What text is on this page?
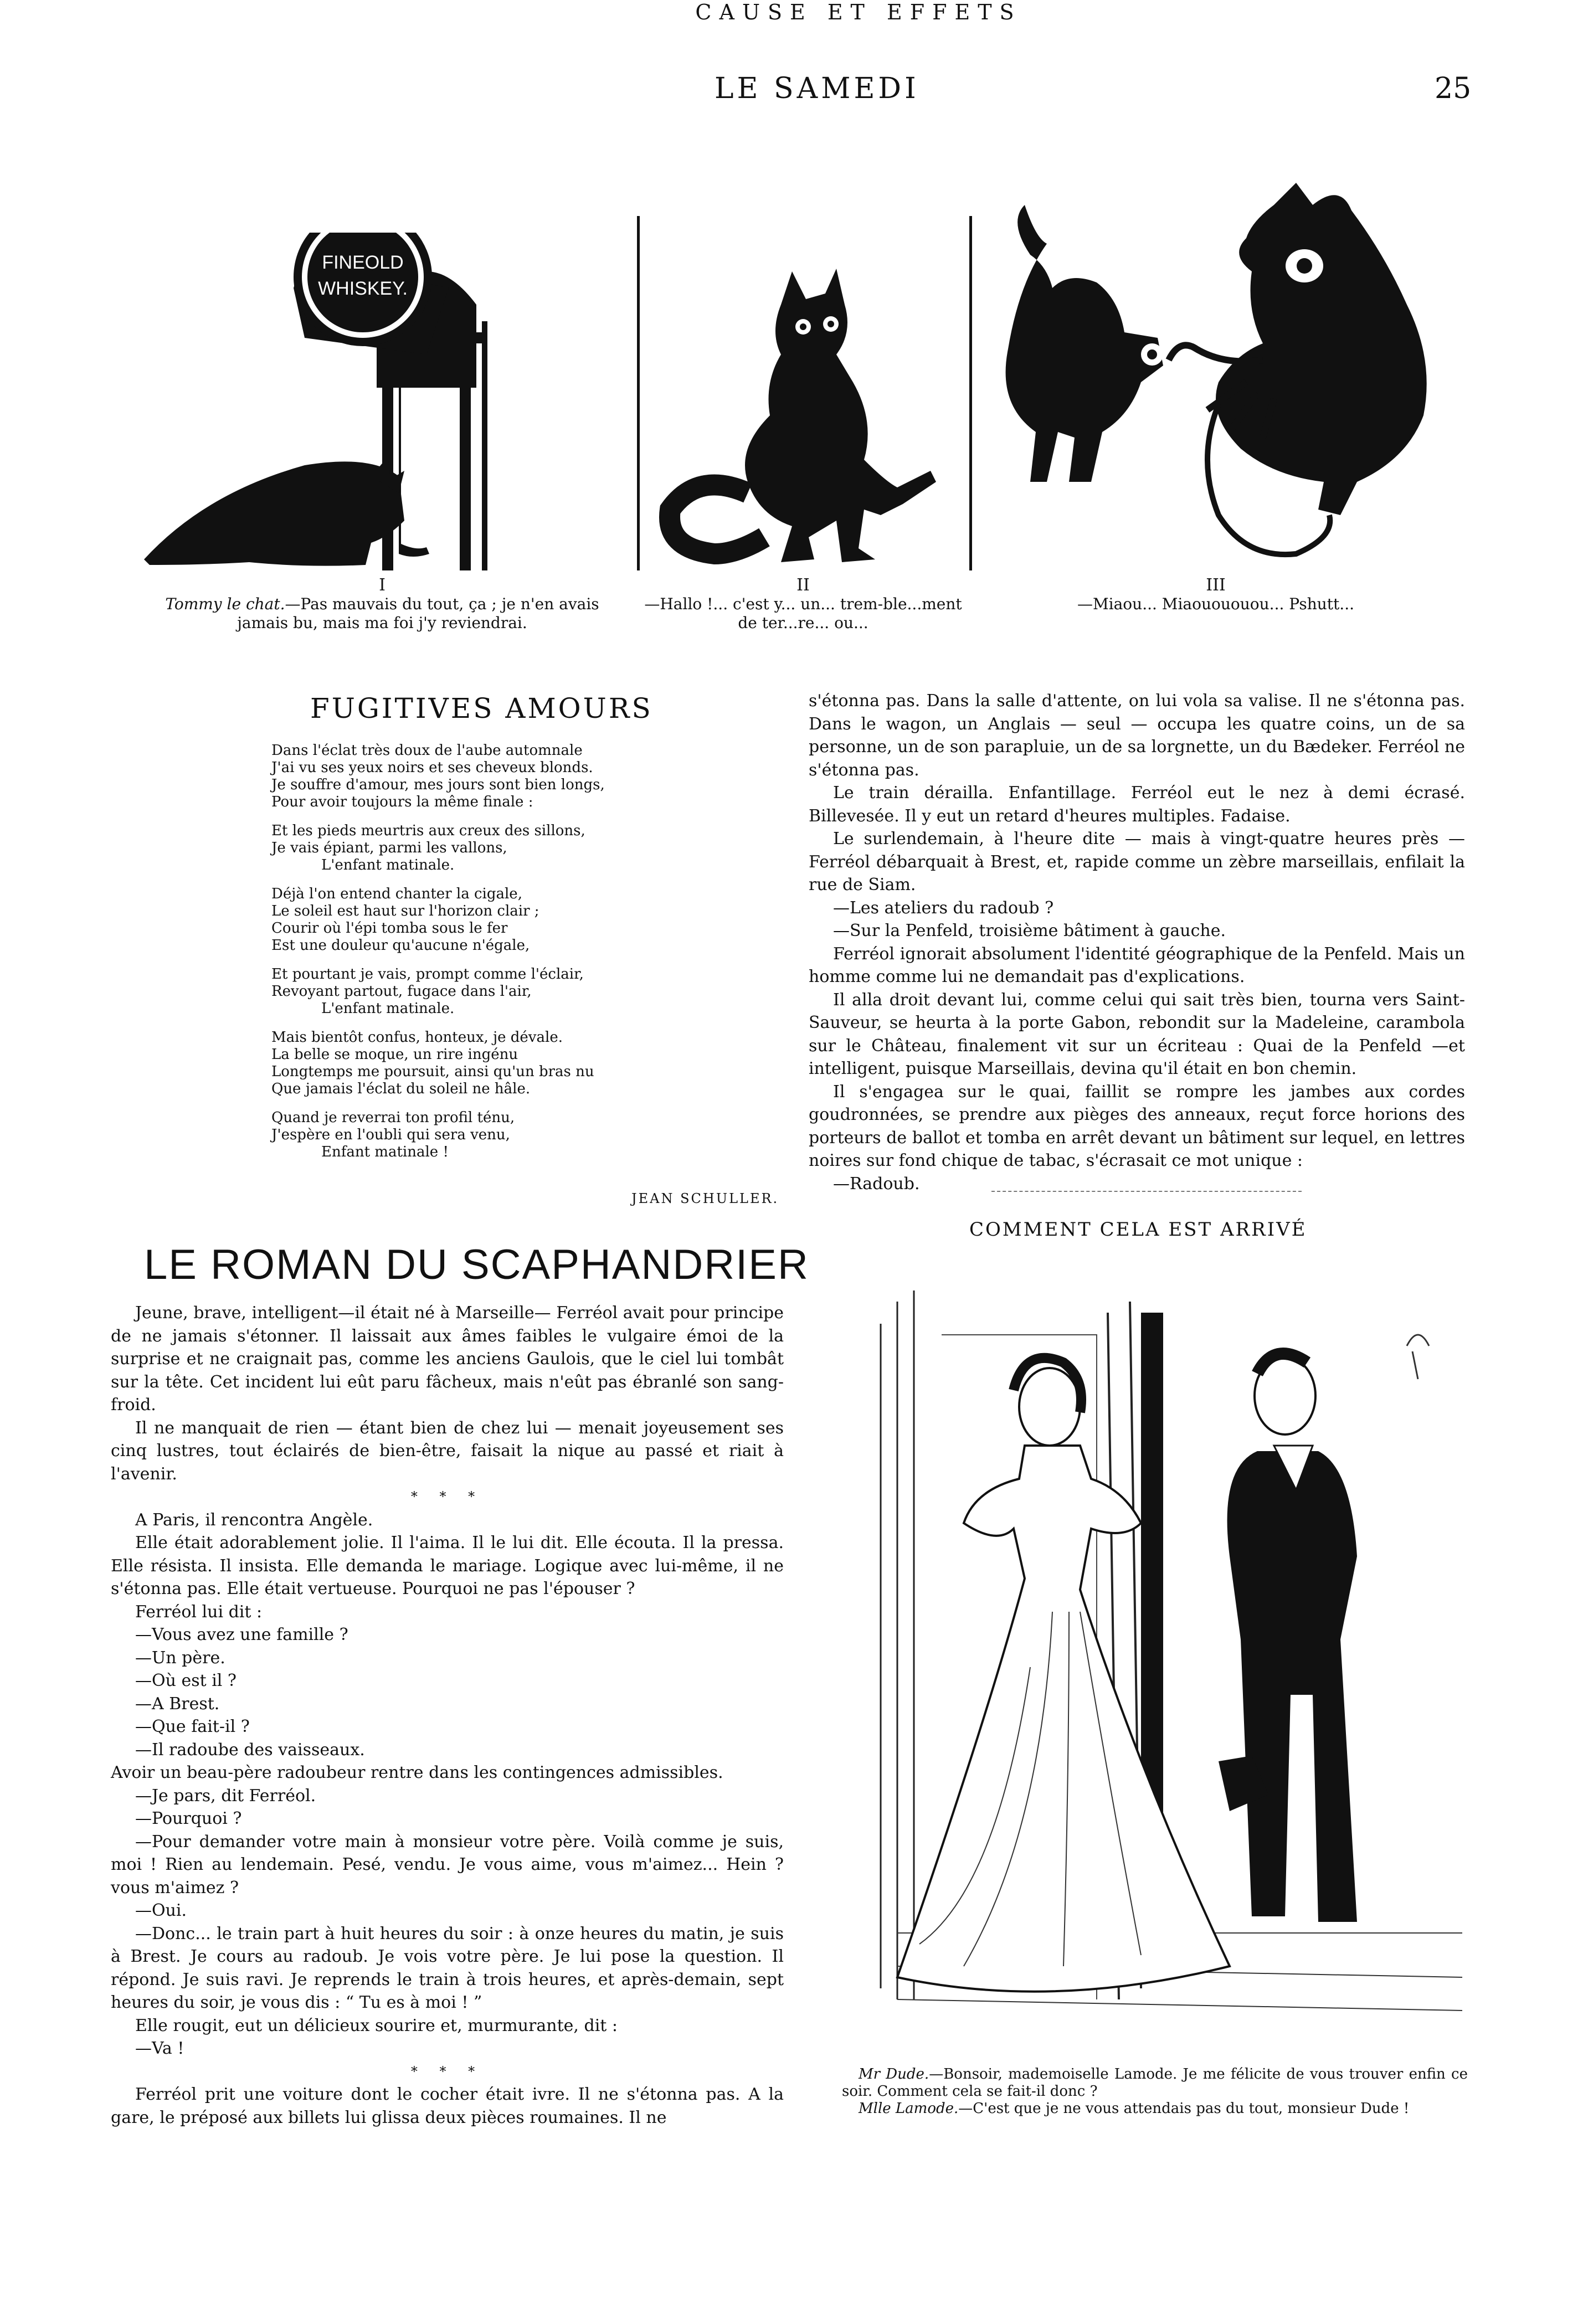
LE SAMEDI	25
CAUSE ET EFFETS
FINEOLD
WHISKEY.
I
Tommy le chat.—Pas mauvais du tout, ça ; je n'en avais jamais bu, mais ma foi j'y reviendrai.
II
—Hallo !... c'est y... un... trem-ble...ment de ter...re... ou...
III
—Miaou... Miaouououou... Pshutt...
FUGITIVES AMOURS
Dans l'éclat très doux de l'aube automnale
J'ai vu ses yeux noirs et ses cheveux blonds.
Je souffre d'amour, mes jours sont bien longs,
Pour avoir toujours la même finale :
Et les pieds meurtris aux creux des sillons,
Je vais épiant, parmi les vallons,
L'enfant matinale.
Déjà l'on entend chanter la cigale,
Le soleil est haut sur l'horizon clair ;
Courir où l'épi tomba sous le fer
Est une douleur qu'aucune n'égale,
Et pourtant je vais, prompt comme l'éclair,
Revoyant partout, fugace dans l'air,
L'enfant matinale.
Mais bientôt confus, honteux, je dévale.
La belle se moque, un rire ingénu
Longtemps me poursuit, ainsi qu'un bras nu
Que jamais l'éclat du soleil ne hâle.
Quand je reverrai ton profil ténu,
J'espère en l'oubli qui sera venu,
Enfant matinale !
JEAN SCHULLER.
LE ROMAN DU SCAPHANDRIER

Jeune, brave, intelligent—il était né à Marseille— Ferréol avait pour principe de ne jamais s'étonner. Il laissait aux âmes faibles le vulgaire émoi de la surprise et ne craignait pas, comme les anciens Gaulois, que le ciel lui tombât sur la tête. Cet incident lui eût paru fâcheux, mais n'eût pas ébranlé son sang-froid.

Il ne manquait de rien — étant bien de chez lui — menait joyeusement ses cinq lustres, tout éclairés de bien-être, faisait la nique au passé et riait à l'avenir.

* * *

A Paris, il rencontra Angèle.

Elle était adorablement jolie. Il l'aima. Il le lui dit. Elle écouta. Il la pressa. Elle résista. Il insista. Elle demanda le mariage. Logique avec lui-même, il ne s'étonna pas. Elle était vertueuse. Pourquoi ne pas l'épouser ?

Ferréol lui dit :

—Vous avez une famille ?

—Un père.

—Où est il ?

—A Brest.

—Que fait-il ?

—Il radoube des vaisseaux.

Avoir un beau-père radoubeur rentre dans les contingences admissibles.

—Je pars, dit Ferréol.

—Pourquoi ?

—Pour demander votre main à monsieur votre père. Voilà comme je suis, moi ! Rien au lendemain. Pesé, vendu. Je vous aime, vous m'aimez... Hein ? vous m'aimez ?

—Oui.

—Donc... le train part à huit heures du soir : à onze heures du matin, je suis à Brest. Je cours au radoub. Je vois votre père. Je lui pose la question. Il répond. Je suis ravi. Je reprends le train à trois heures, et après-demain, sept heures du soir, je vous dis : “ Tu es à moi ! ”

Elle rougit, eut un délicieux sourire et, murmurante, dit :

—Va !

* * *

Ferréol prit une voiture dont le cocher était ivre. Il ne s'étonna pas. A la gare, le préposé aux billets lui glissa deux pièces roumaines. Il ne

s'étonna pas. Dans la salle d'attente, on lui vola sa valise. Il ne s'étonna pas. Dans le wagon, un Anglais — seul — occupa les quatre coins, un de sa personne, un de son parapluie, un de sa lorgnette, un du Bædeker. Ferréol ne s'étonna pas.

Le train dérailla. Enfantillage. Ferréol eut le nez à demi écrasé. Billevesée. Il y eut un retard d'heures multiples. Fadaise.

Le surlendemain, à l'heure dite — mais à vingt-quatre heures près — Ferréol débarquait à Brest, et, rapide comme un zèbre marseillais, enfilait la rue de Siam.

—Les ateliers du radoub ?

—Sur la Penfeld, troisième bâtiment à gauche.

Ferréol ignorait absolument l'identité géographique de la Penfeld. Mais un homme comme lui ne demandait pas d'explications.

Il alla droit devant lui, comme celui qui sait très bien, tourna vers Saint-Sauveur, se heurta à la porte Gabon, rebondit sur la Madeleine, carambola sur le Château, finalement vit sur un écriteau : Quai de la Penfeld —et intelligent, puisque Marseillais, devina qu'il était en bon chemin.

Il s'engagea sur le quai, faillit se rompre les jambes aux cordes goudronnées, se prendre aux pièges des anneaux, reçut force horions des porteurs de ballot et tomba en arrêt devant un bâtiment sur lequel, en lettres noires sur fond chique de tabac, s'écrasait ce mot unique :

—Radoub.

COMMENT CELA EST ARRIVÉ
Mr Dude.—Bonsoir, mademoiselle Lamode. Je me félicite de vous trouver enfin ce soir. Comment cela se fait-il donc ?
Mlle Lamode.—C'est que je ne vous attendais pas du tout, monsieur Dude !
